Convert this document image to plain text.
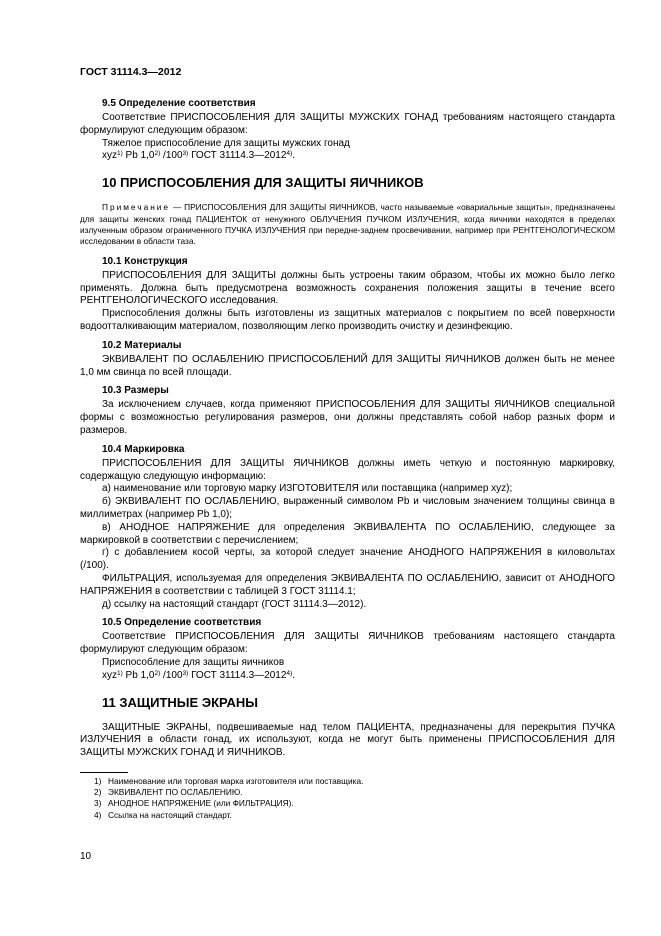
ГОСТ 31114.3—2012
9.5 Определение соответствия

Соответствие ПРИСПОСОБЛЕНИЯ ДЛЯ ЗАЩИТЫ МУЖСКИХ ГОНАД требованиям настоящего стандарта формулируют следующим образом:

Тяжелое приспособление для защиты мужских гонад

xyz$^{1)}$ Pb 1,0$^{2)}$ /100$^{3)}$ ГОСТ 31114.3—2012$^{4)}$.

10 ПРИСПОСОБЛЕНИЯ ДЛЯ ЗАЩИТЫ ЯИЧНИКОВ

Примечание — ПРИСПОСОБЛЕНИЯ ДЛЯ ЗАЩИТЫ ЯИЧНИКОВ, часто называемые «овариальные защиты», предназначены для защиты женских гонад ПАЦИЕНТОК от ненужного ОБЛУЧЕНИЯ ПУЧКОМ ИЗЛУЧЕНИЯ, когда яичники находятся в пределах излученным образом ограниченного ПУЧКА ИЗЛУЧЕНИЯ при передне-заднем просвечивании, например при РЕНТГЕНОЛОГИЧЕСКОМ исследовании в области таза.

10.1 Конструкция

ПРИСПОСОБЛЕНИЯ ДЛЯ ЗАЩИТЫ должны быть устроены таким образом, чтобы их можно было легко применять. Должна быть предусмотрена возможность сохранения положения защиты в течение всего РЕНТГЕНОЛОГИЧЕСКОГО исследования.

Приспособления должны быть изготовлены из защитных материалов с покрытием по всей поверхности водоотталкивающим материалом, позволяющим легко производить очистку и дезинфекцию.

10.2 Материалы

ЭКВИВАЛЕНТ ПО ОСЛАБЛЕНИЮ ПРИСПОСОБЛЕНИЙ ДЛЯ ЗАЩИТЫ ЯИЧНИКОВ должен быть не менее 1,0 мм свинца по всей площади.

10.3 Размеры

За исключением случаев, когда применяют ПРИСПОСОБЛЕНИЯ ДЛЯ ЗАЩИТЫ ЯИЧНИКОВ специальной формы с возможностью регулирования размеров, они должны представлять собой набор разных форм и размеров.

10.4 Маркировка

ПРИСПОСОБЛЕНИЯ ДЛЯ ЗАЩИТЫ ЯИЧНИКОВ должны иметь четкую и постоянную маркировку, содержащую следующую информацию:

а) наименование или торговую марку ИЗГОТОВИТЕЛЯ или поставщика (например xyz);

б) ЭКВИВАЛЕНТ ПО ОСЛАБЛЕНИЮ, выраженный символом Pb и числовым значением толщины свинца в миллиметрах (например Pb 1,0);

в) АНОДНОЕ НАПРЯЖЕНИЕ для определения ЭКВИВАЛЕНТА ПО ОСЛАБЛЕНИЮ, следующее за маркировкой в соответствии с перечислением;

г) с добавлением косой черты, за которой следует значение АНОДНОГО НАПРЯЖЕНИЯ в киловольтах (/100).

ФИЛЬТРАЦИЯ, используемая для определения ЭКВИВАЛЕНТА ПО ОСЛАБЛЕНИЮ, зависит от АНОДНОГО НАПРЯЖЕНИЯ в соответствии с таблицей 3 ГОСТ 31114.1;

д) ссылку на настоящий стандарт (ГОСТ 31114.3—2012).

10.5 Определение соответствия

Соответствие ПРИСПОСОБЛЕНИЯ ДЛЯ ЗАЩИТЫ ЯИЧНИКОВ требованиям настоящего стандарта формулируют следующим образом:

Приспособление для защиты яичников

xyz$^{1)}$ Pb 1,0$^{2)}$ /100$^{3)}$ ГОСТ 31114.3—2012$^{4)}$.

11 ЗАЩИТНЫЕ ЭКРАНЫ

ЗАЩИТНЫЕ ЭКРАНЫ, подвешиваемые над телом ПАЦИЕНТА, предназначены для перекрытия ПУЧКА ИЗЛУЧЕНИЯ в области гонад, их используют, когда не могут быть применены ПРИСПОСОБЛЕНИЯ ДЛЯ ЗАЩИТЫ МУЖСКИХ ГОНАД И ЯИЧНИКОВ.

1) Наименование или торговая марка изготовителя или поставщика.

2) ЭКВИВАЛЕНТ ПО ОСЛАБЛЕНИЮ.

3) АНОДНОЕ НАПРЯЖЕНИЕ (или ФИЛЬТРАЦИЯ).

4) Ссылка на настоящий стандарт.

10
